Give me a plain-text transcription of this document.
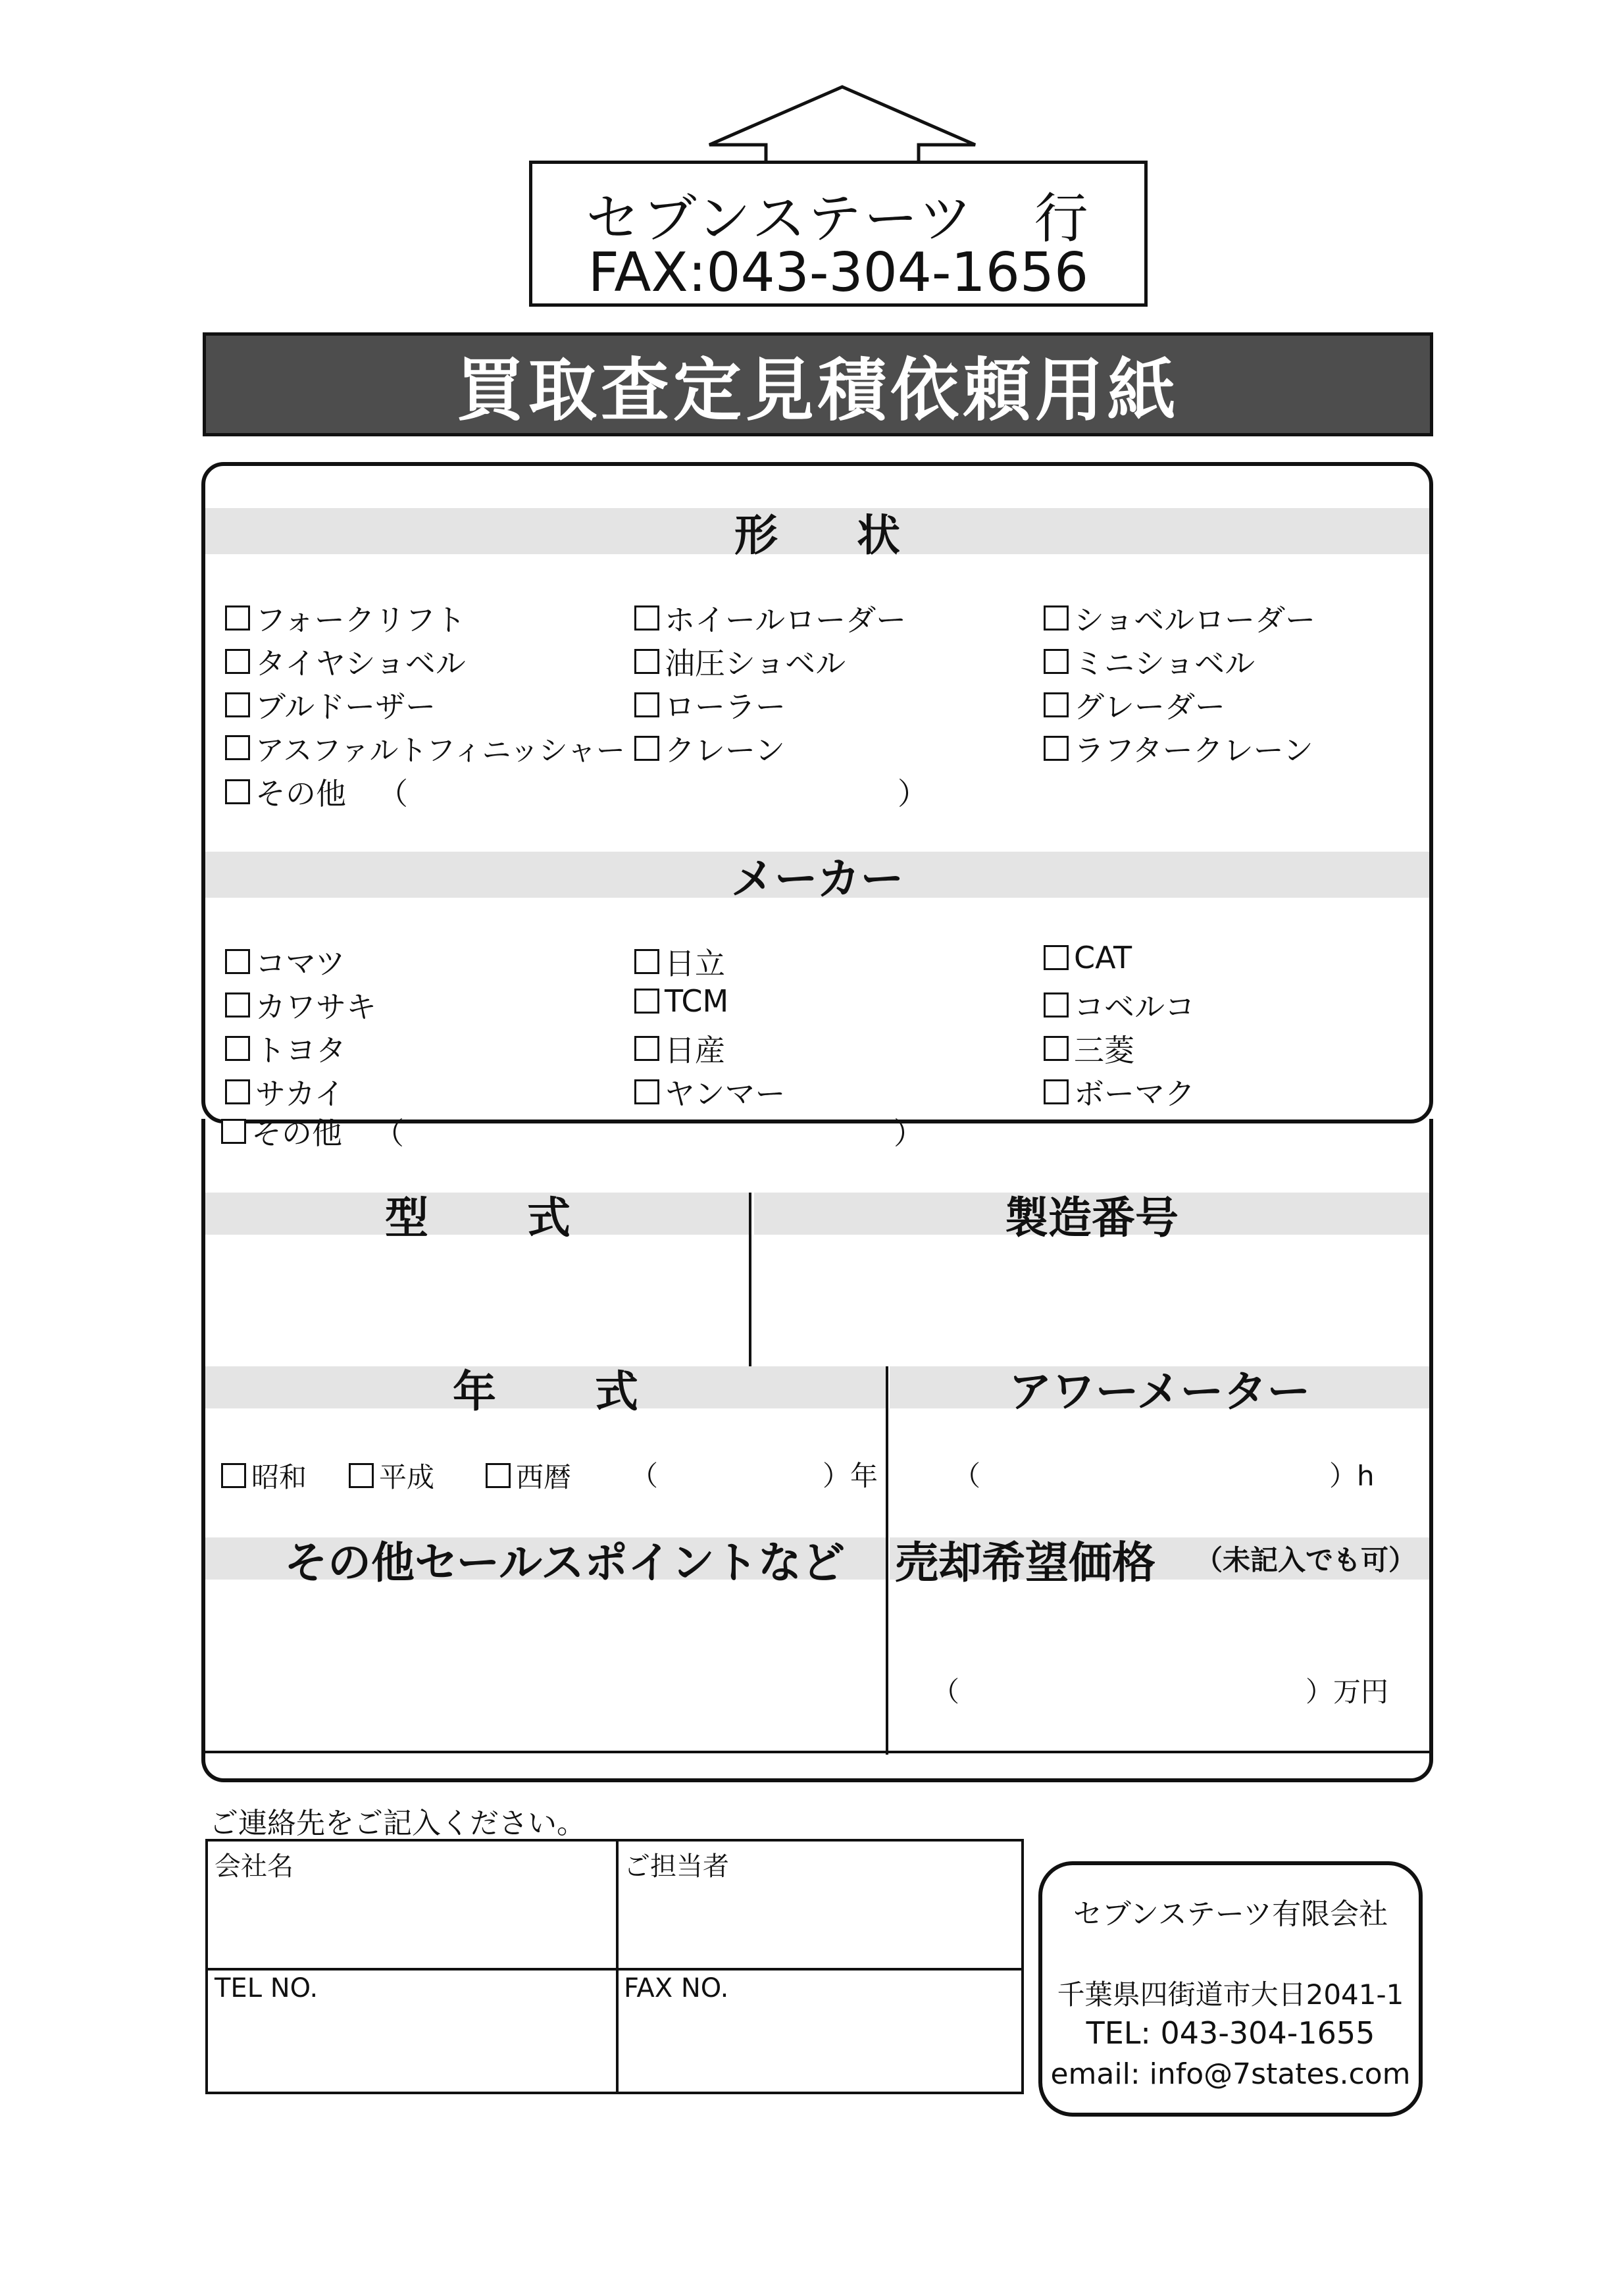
セブンステーツ 行
FAX:043-304-1656
買取査定見積依頼用紙
形 状
フォークリフト	ホイールローダー	ショベルローダー
タイヤショベル	油圧ショベル	ミニショベル
ブルドーザー	ローラー	グレーダー
アスファルトフィニッシャー クレーン	ラフタークレーン
その他 （	）
メーカー
コマツ	日立	CAT
カワサキ	TCM	コベルコ
トヨタ	日産	三菱
サカイ	ヤンマー	ボーマク
その他 （	）
型 式	製造番号
年 式	アワーメーター
昭和	平成	西暦 （	）年	（	）h
その他セールスポイントなど 売却希望価格 （未記入でも可）
（	）万円
ご連絡先をご記入ください。
会社名	ご担当者
TEL NO.	FAX NO.
セブンステーツ有限会社
千葉県四街道市大日2041-1
TEL: 043-304-1655
email: info@7states.com
